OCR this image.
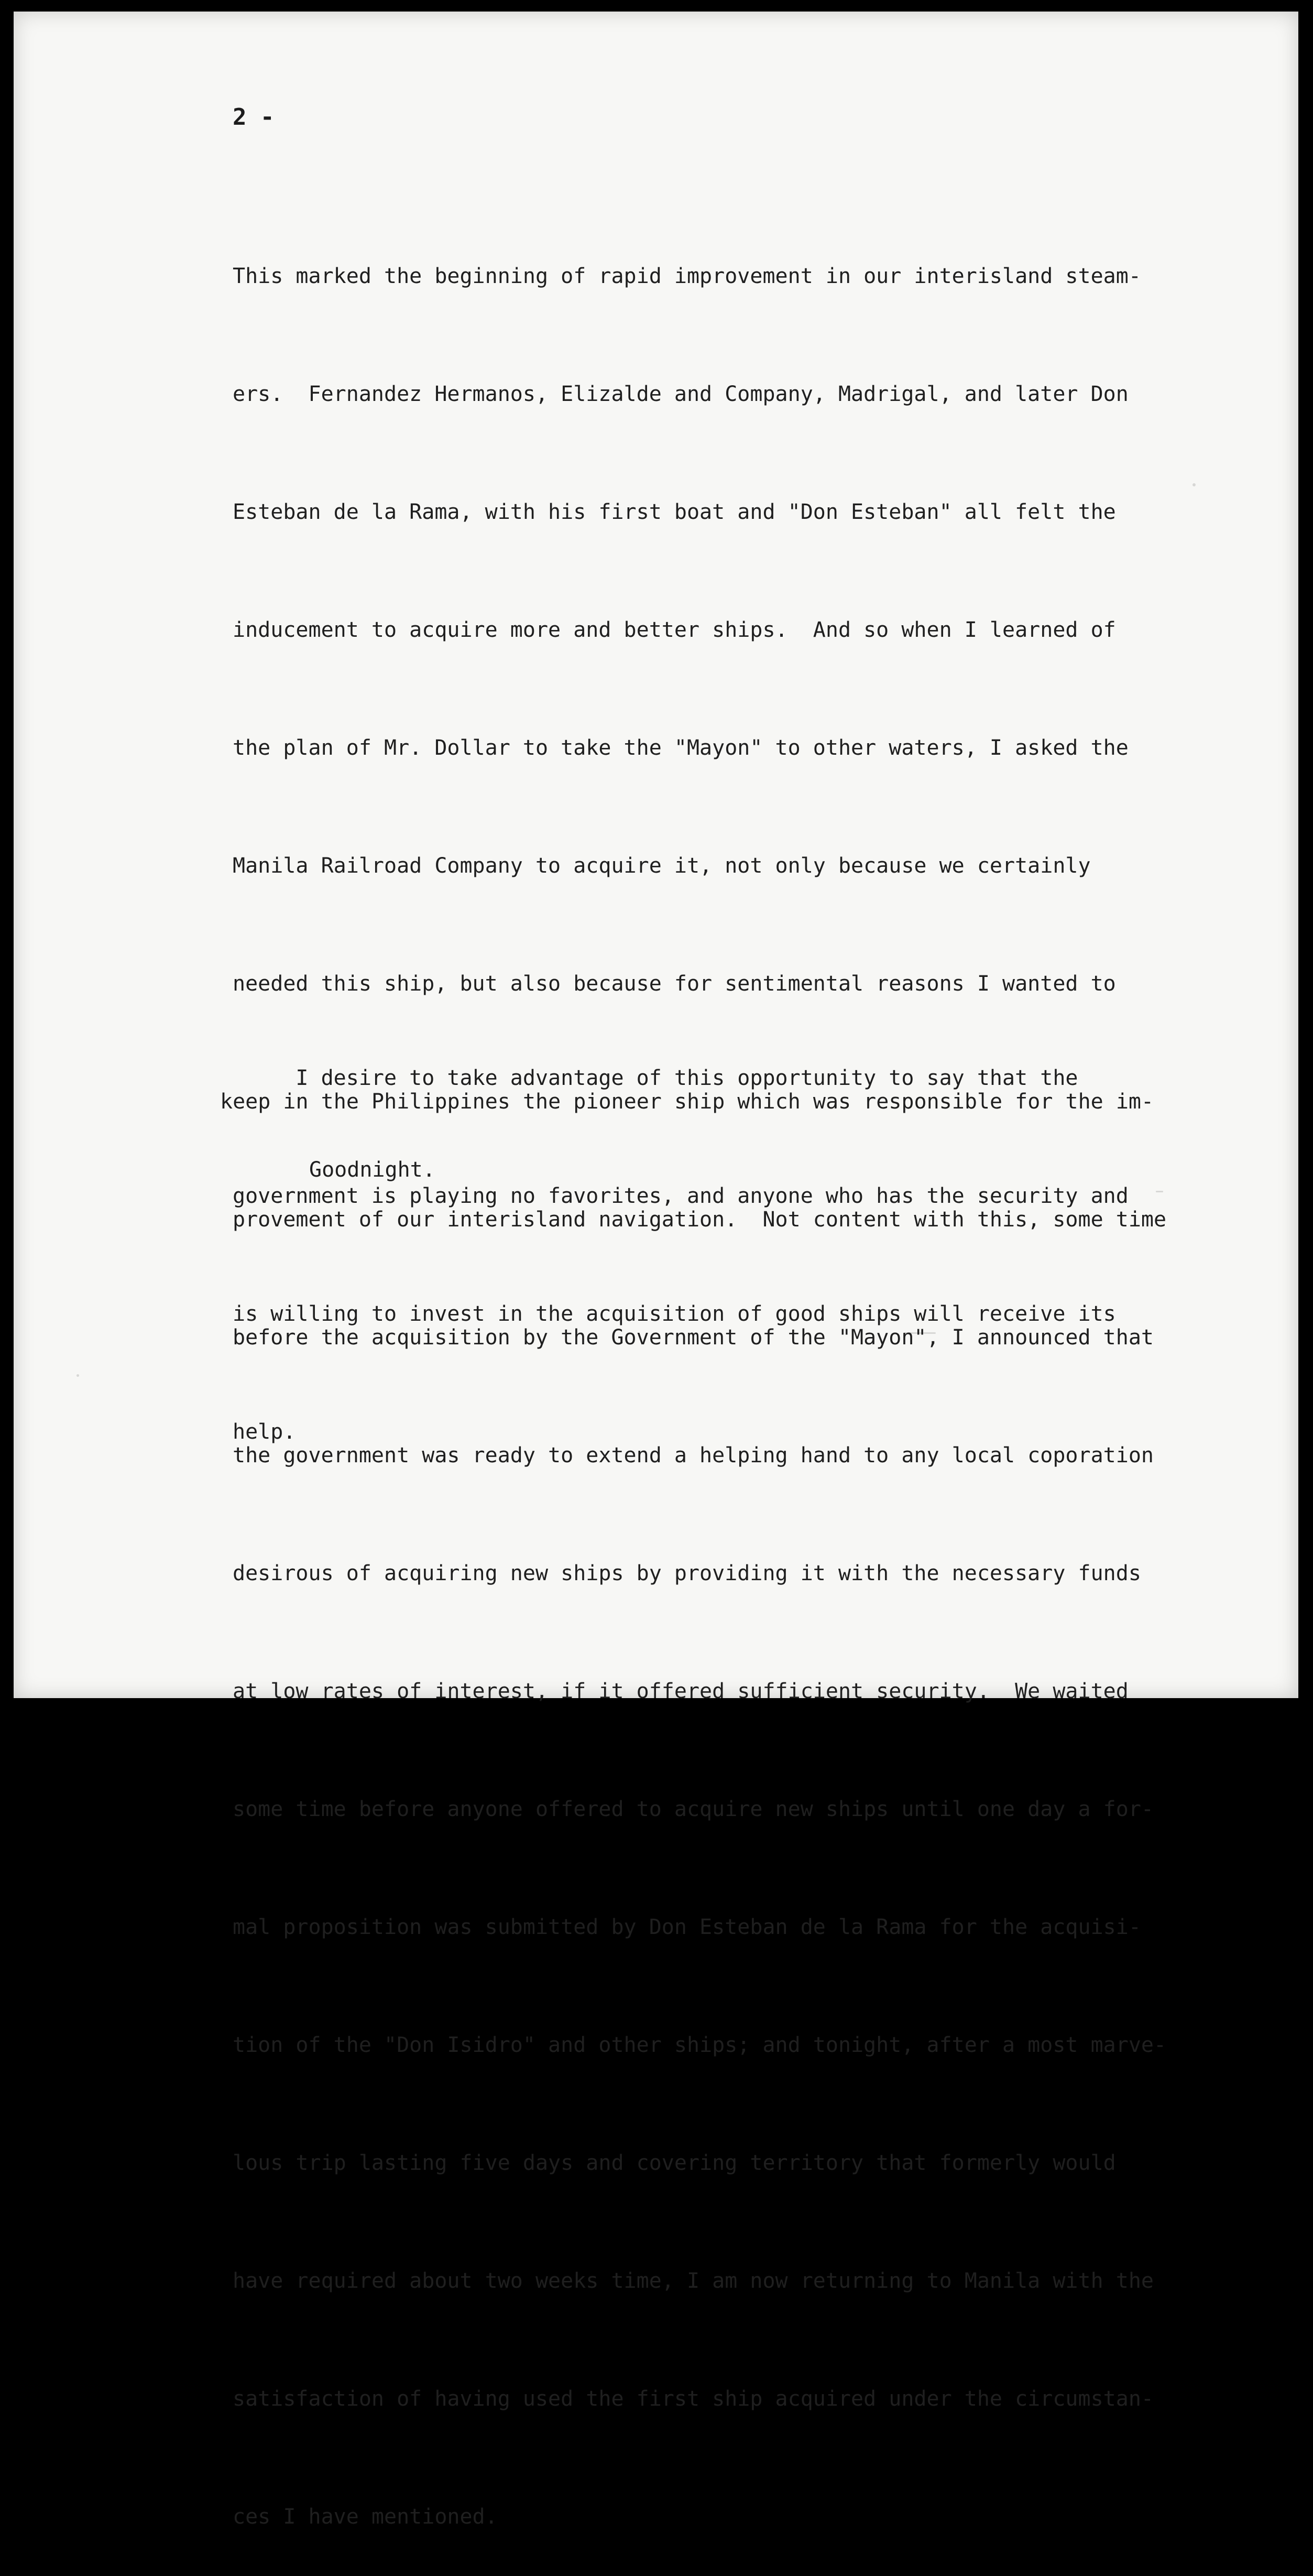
2 -

This marked the beginning of rapid improvement in our interisland steam-

ers.  Fernandez Hermanos, Elizalde and Company, Madrigal, and later Don

Esteban de la Rama, with his first boat and "Don Esteban" all felt the

inducement to acquire more and better ships.  And so when I learned of

the plan of Mr. Dollar to take the "Mayon" to other waters, I asked the

Manila Railroad Company to acquire it, not only because we certainly

needed this ship, but also because for sentimental reasons I wanted to

keep in the Philippines the pioneer ship which was responsible for the im-

provement of our interisland navigation.  Not content with this, some time

before the acquisition by the Government of the "Mayon", I announced that

the government was ready to extend a helping hand to any local coporation

desirous of acquiring new ships by providing it with the necessary funds

at low rates of interest, if it offered sufficient security.  We waited

some time before anyone offered to acquire new ships until one day a for-

mal proposition was submitted by Don Esteban de la Rama for the acquisi-

tion of the "Don Isidro" and other ships; and tonight, after a most marve-

lous trip lasting five days and covering territory that formerly would

have required about two weeks time, I am now returning to Manila with the

satisfaction of having used the first ship acquired under the circumstan-

ces I have mentioned.

I desire to take advantage of this opportunity to say that the

government is playing no favorites, and anyone who has the security and

is willing to invest in the acquisition of good ships will receive its

help.

Goodnight.
